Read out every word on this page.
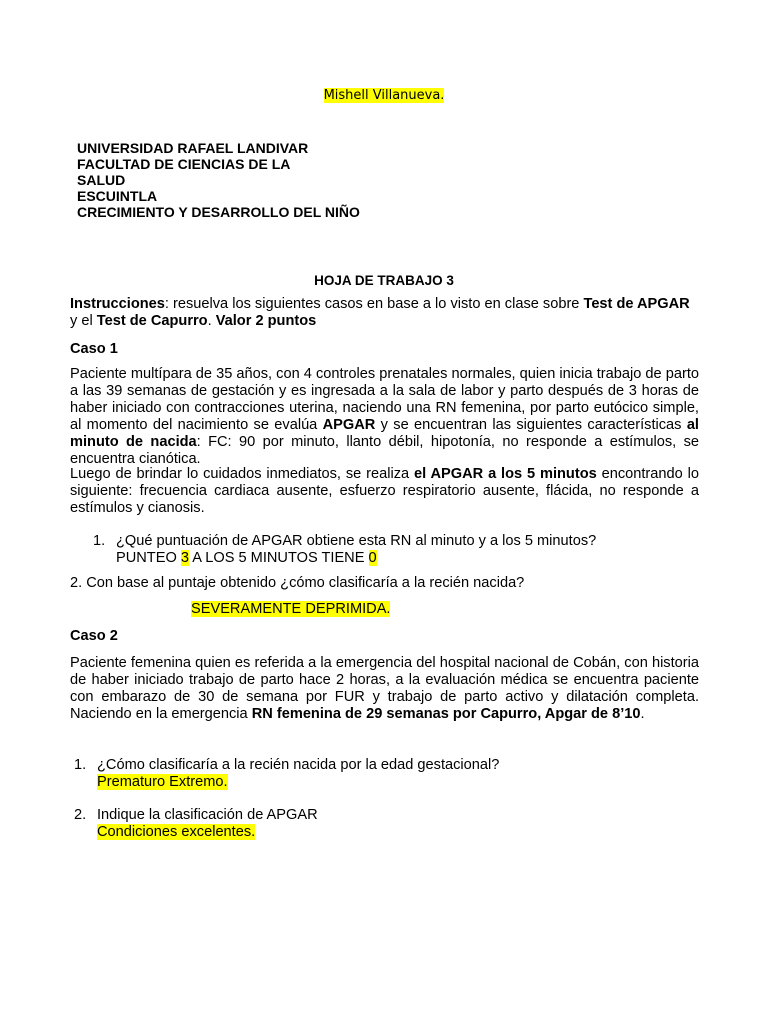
Mishell Villanueva.
UNIVERSIDAD RAFAEL LANDIVAR
FACULTAD DE CIENCIAS DE LA
SALUD
ESCUINTLA
CRECIMIENTO Y DESARROLLO DEL NIÑO
HOJA DE TRABAJO 3

Instrucciones: resuelva los siguientes casos en base a lo visto en clase sobre Test de APGAR y el Test de Capurro. Valor 2 puntos

Caso 1

Paciente multípara de 35 años, con 4 controles prenatales normales, quien inicia trabajo de parto a las 39 semanas de gestación y es ingresada a la sala de labor y parto después de 3 horas de haber iniciado con contracciones uterina, naciendo una RN femenina, por parto eutócico simple, al momento del nacimiento se evalúa APGAR y se encuentran las siguientes características al minuto de nacida: FC: 90 por minuto, llanto débil, hipotonía, no responde a estímulos, se encuentra cianótica.

Luego de brindar lo cuidados inmediatos, se realiza el APGAR a los 5 minutos encontrando lo siguiente: frecuencia cardiaca ausente, esfuerzo respiratorio ausente, flácida, no responde a estímulos y cianosis.

1. ¿Qué puntuación de APGAR obtiene esta RN al minuto y a los 5 minutos?
PUNTEO 3 A LOS 5 MINUTOS TIENE 0

2. Con base al puntaje obtenido ¿cómo clasificaría a la recién nacida?

SEVERAMENTE DEPRIMIDA.

Caso 2

Paciente femenina quien es referida a la emergencia del hospital nacional de Cobán, con historia de haber iniciado trabajo de parto hace 2 horas, a la evaluación médica se encuentra paciente con embarazo de 30 de semana por FUR y trabajo de parto activo y dilatación completa. Naciendo en la emergencia RN femenina de 29 semanas por Capurro, Apgar de 8’10.

1. ¿Cómo clasificaría a la recién nacida por la edad gestacional?
Prematuro Extremo.
2. Indique la clasificación de APGAR
Condiciones excelentes.
